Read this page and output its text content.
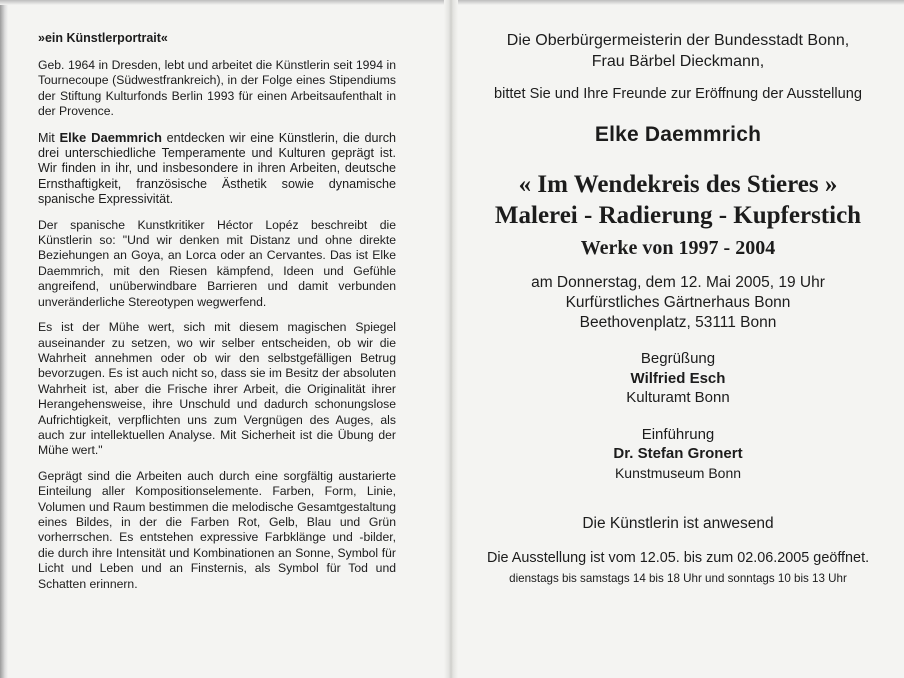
»ein Künstlerportrait«

Geb. 1964 in Dresden, lebt und arbeitet die Künstlerin seit 1994 in Tournecoupe (Südwestfrankreich), in der Folge eines Stipendiums der Stiftung Kulturfonds Berlin 1993 für einen Arbeitsaufenthalt in der Provence.

Mit Elke Daemmrich entdecken wir eine Künstlerin, die durch drei unterschiedliche Temperamente und Kulturen geprägt ist. Wir finden in ihr, und insbesondere in ihren Arbeiten, deutsche Ernsthaftigkeit, französische Ästhetik sowie dynamische spanische Expressivität.

Der spanische Kunstkritiker Héctor Lopéz beschreibt die Künstlerin so: "Und wir denken mit Distanz und ohne direkte Beziehungen an Goya, an Lorca oder an Cervantes. Das ist Elke Daemmrich, mit den Riesen kämpfend, Ideen und Gefühle angreifend, unüberwindbare Barrieren und damit verbunden unveränderliche Stereotypen wegwerfend.

Es ist der Mühe wert, sich mit diesem magischen Spiegel auseinander zu setzen, wo wir selber entscheiden, ob wir die Wahrheit annehmen oder ob wir den selbstgefälligen Betrug bevorzugen. Es ist auch nicht so, dass sie im Besitz der absoluten Wahrheit ist, aber die Frische ihrer Arbeit, die Originalität ihrer Herangehensweise, ihre Unschuld und dadurch schonungslose Aufrichtigkeit, verpflichten uns zum Vergnügen des Auges, als auch zur intellektuellen Analyse. Mit Sicherheit ist die Übung der Mühe wert."

Geprägt sind die Arbeiten auch durch eine sorgfältig austarierte Einteilung aller Kompositionselemente. Farben, Form, Linie, Volumen und Raum bestimmen die melodische Gesamtgestaltung eines Bildes, in der die Farben Rot, Gelb, Blau und Grün vorherrschen. Es entstehen expressive Farbklänge und -bilder, die durch ihre Intensität und Kombinationen an Sonne, Symbol für Licht und Leben und an Finsternis, als Symbol für Tod und Schatten erinnern.

Die Oberbürgermeisterin der Bundesstadt Bonn,
Frau Bärbel Dieckmann,
bittet Sie und Ihre Freunde zur Eröffnung der Ausstellung
Elke Daemmrich
« Im Wendekreis des Stieres »
Malerei - Radierung - Kupferstich
Werke von 1997 - 2004
am Donnerstag, dem 12. Mai 2005, 19 Uhr
Kurfürstliches Gärtnerhaus Bonn
Beethovenplatz, 53111 Bonn
Begrüßung
Wilfried Esch
Kulturamt Bonn
Einführung
Dr. Stefan Gronert
Kunstmuseum Bonn
Die Künstlerin ist anwesend
Die Ausstellung ist vom 12.05. bis zum 02.06.2005 geöffnet.
dienstags bis samstags 14 bis 18 Uhr und sonntags 10 bis 13 Uhr
